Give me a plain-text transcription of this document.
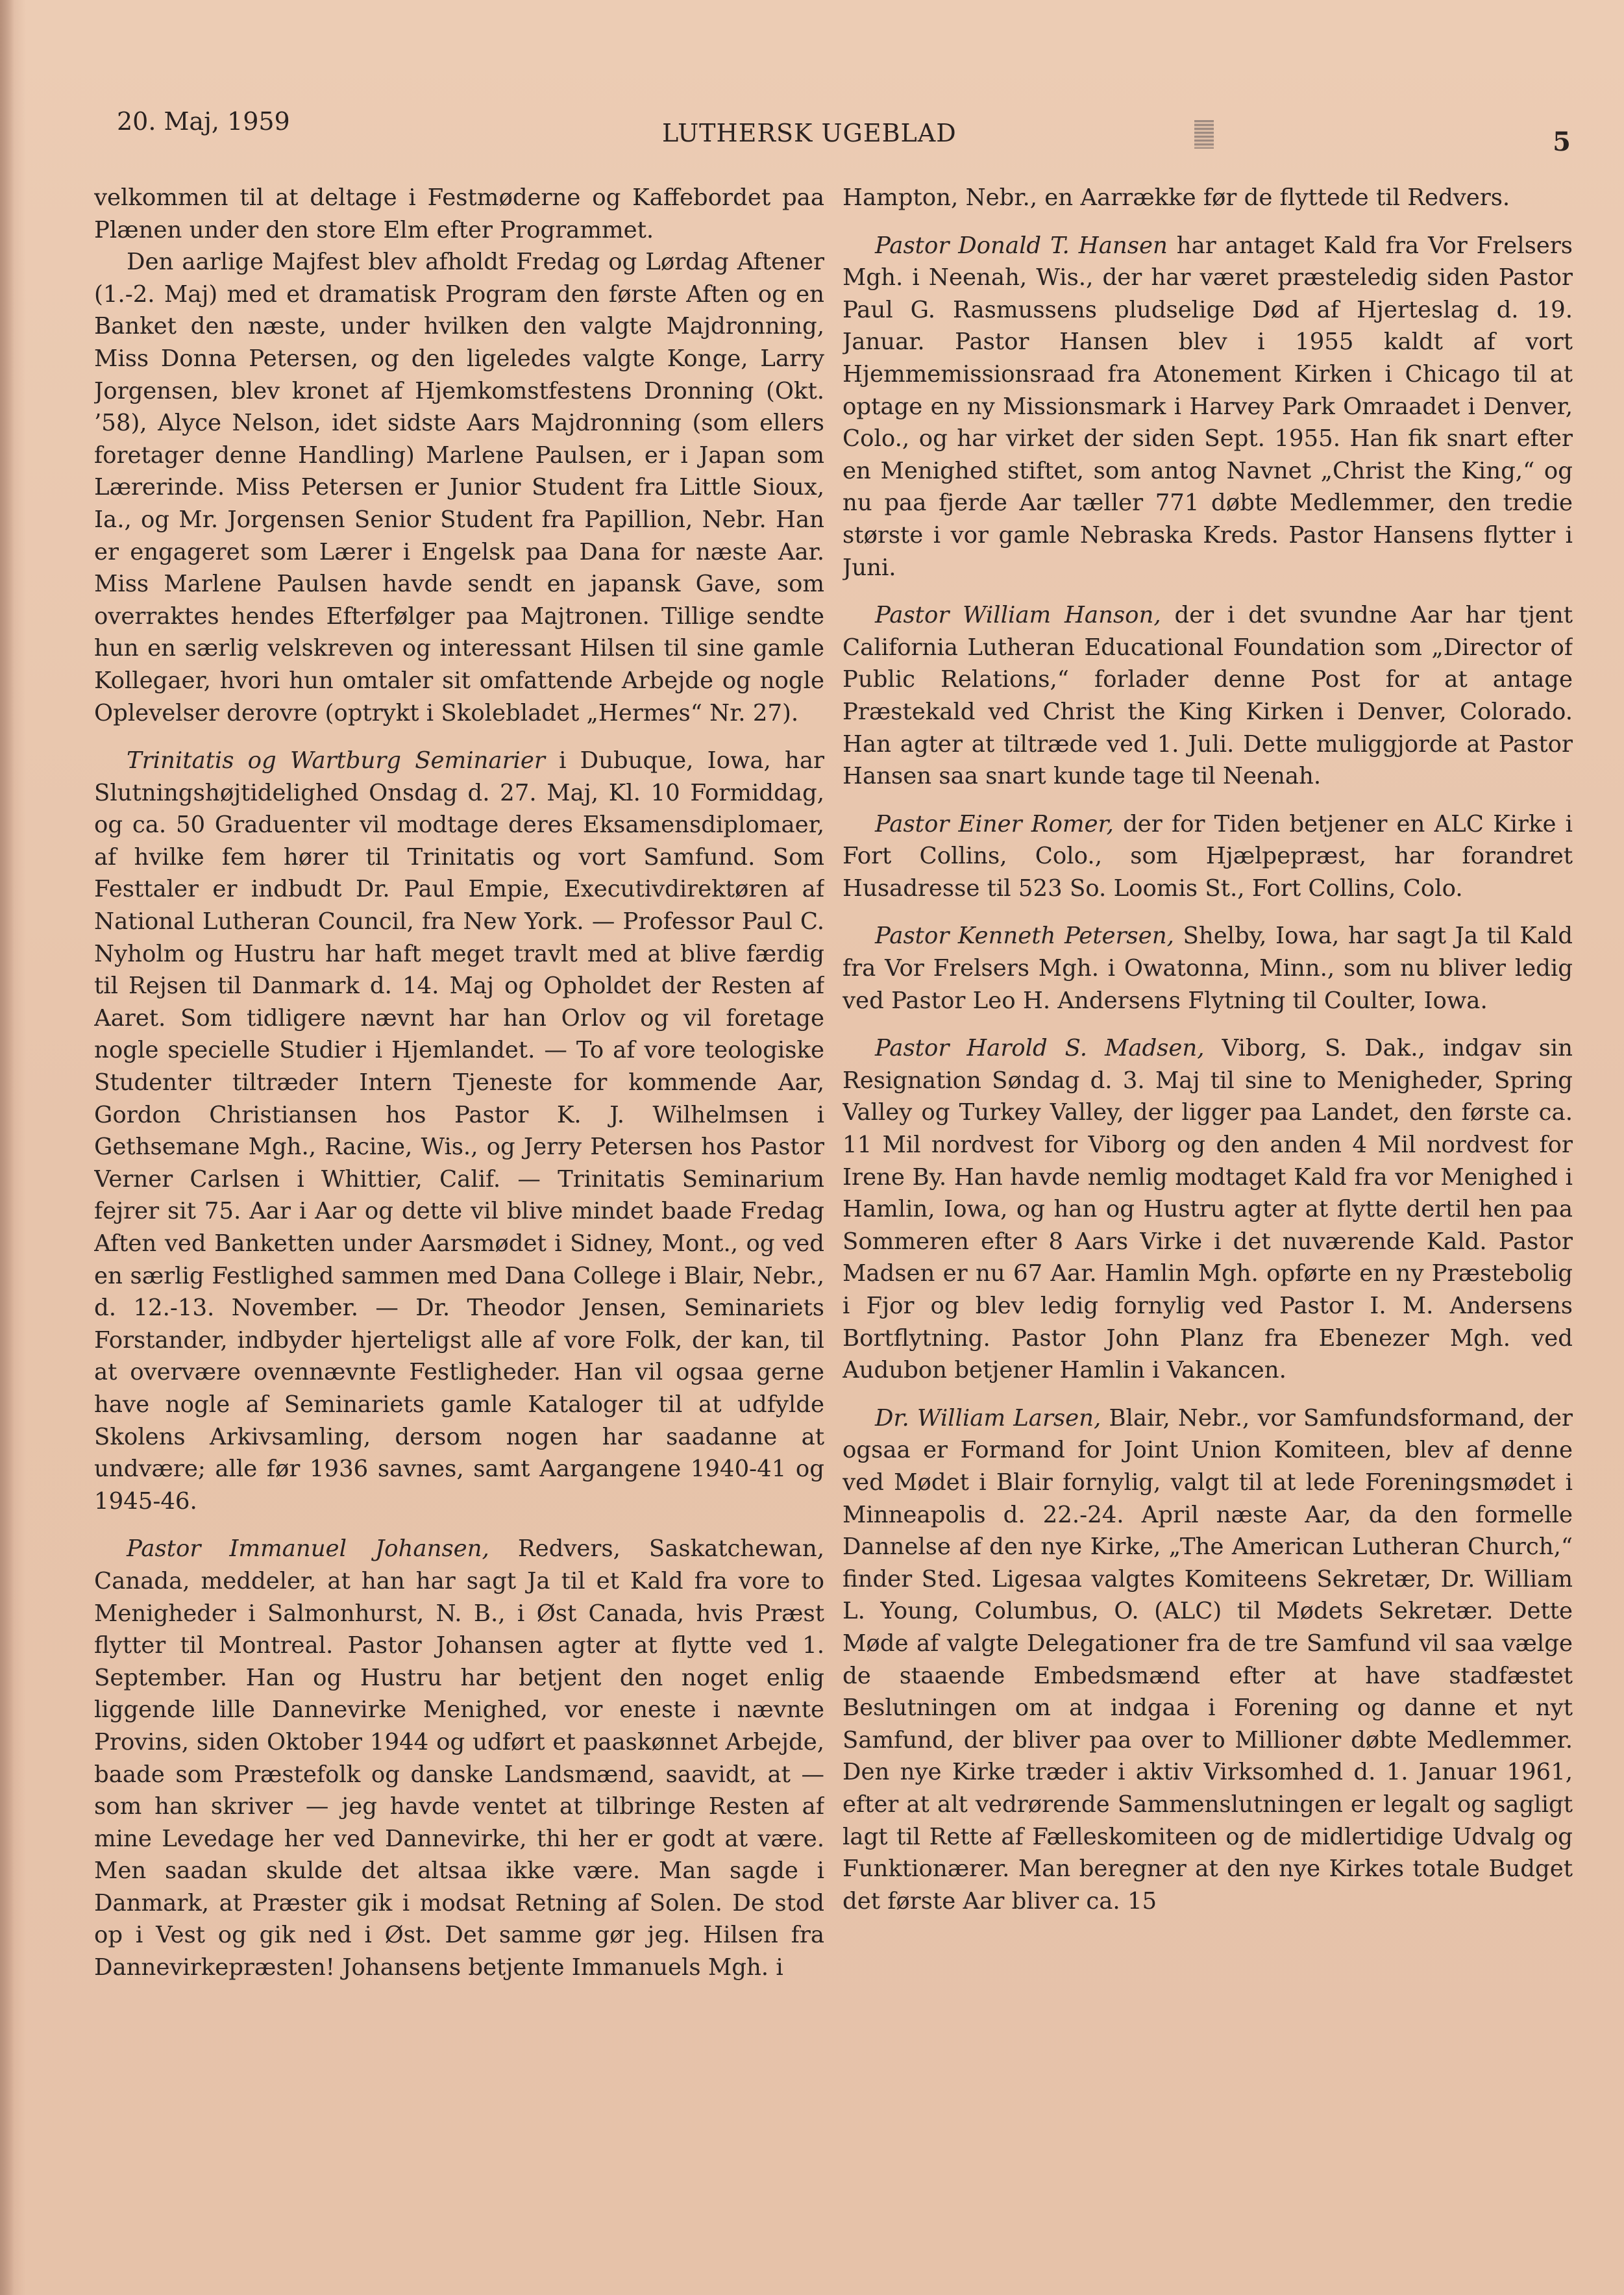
20. Maj, 1959	LUTHERSK UGEBLAD	5

velkommen til at deltage i Festmøderne og Kaffebordet paa Plænen under den store Elm efter Programmet.

Den aarlige Majfest blev afholdt Fredag og Lørdag Aftener (1.-2. Maj) med et dramatisk Program den første Aften og en Banket den næste, under hvilken den valgte Majdronning, Miss Donna Petersen, og den ligeledes valgte Konge, Larry Jorgensen, blev kronet af Hjemkomstfestens Dronning (Okt. ’58), Alyce Nelson, idet sidste Aars Majdronning (som ellers foretager denne Handling) Marlene Paulsen, er i Japan som Lærerinde. Miss Petersen er Junior Student fra Little Sioux, Ia., og Mr. Jorgensen Senior Student fra Papillion, Nebr. Han er engageret som Lærer i Engelsk paa Dana for næste Aar. Miss Marlene Paulsen havde sendt en japansk Gave, som overraktes hendes Efterfølger paa Majtronen. Tillige sendte hun en særlig velskreven og interessant Hilsen til sine gamle Kollegaer, hvori hun omtaler sit omfattende Arbejde og nogle Oplevelser derovre (optrykt i Skolebladet „Hermes“ Nr. 27).

Trinitatis og Wartburg Seminarier i Dubuque, Iowa, har Slutningshøjtidelighed Onsdag d. 27. Maj, Kl. 10 Formiddag, og ca. 50 Graduenter vil modtage deres Eksamensdiplomaer, af hvilke fem hører til Trinitatis og vort Samfund. Som Festtaler er indbudt Dr. Paul Empie, Executivdirektøren af National Lutheran Council, fra New York. — Professor Paul C. Nyholm og Hustru har haft meget travlt med at blive færdig til Rejsen til Danmark d. 14. Maj og Opholdet der Resten af Aaret. Som tidligere nævnt har han Orlov og vil foretage nogle specielle Studier i Hjemlandet. — To af vore teologiske Studenter tiltræder Intern Tjeneste for kommende Aar, Gordon Christiansen hos Pastor K. J. Wilhelmsen i Gethsemane Mgh., Racine, Wis., og Jerry Petersen hos Pastor Verner Carlsen i Whittier, Calif. — Trinitatis Seminarium fejrer sit 75. Aar i Aar og dette vil blive mindet baade Fredag Aften ved Banketten under Aarsmødet i Sidney, Mont., og ved en særlig Festlighed sammen med Dana College i Blair, Nebr., d. 12.-13. November. — Dr. Theodor Jensen, Seminariets Forstander, indbyder hjerteligst alle af vore Folk, der kan, til at overvære ovennævnte Festligheder. Han vil ogsaa gerne have nogle af Seminariets gamle Kataloger til at udfylde Skolens Arkivsamling, dersom nogen har saadanne at undvære; alle før 1936 savnes, samt Aargangene 1940-41 og 1945-46.

Pastor Immanuel Johansen, Redvers, Saskatchewan, Canada, meddeler, at han har sagt Ja til et Kald fra vore to Menigheder i Salmonhurst, N. B., i Øst Canada, hvis Præst flytter til Montreal. Pastor Johansen agter at flytte ved 1. September. Han og Hustru har betjent den noget enlig liggende lille Dannevirke Menighed, vor eneste i nævnte Provins, siden Oktober 1944 og udført et paaskønnet Arbejde, baade som Præstefolk og danske Landsmænd, saavidt, at — som han skriver — jeg havde ventet at tilbringe Resten af mine Levedage her ved Dannevirke, thi her er godt at være. Men saadan skulde det altsaa ikke være. Man sagde i Danmark, at Præster gik i modsat Retning af Solen. De stod op i Vest og gik ned i Øst. Det samme gør jeg. Hilsen fra Dannevirkepræsten! Johansens betjente Immanuels Mgh. i

Hampton, Nebr., en Aarrække før de flyttede til Redvers.

Pastor Donald T. Hansen har antaget Kald fra Vor Frelsers Mgh. i Neenah, Wis., der har været præsteledig siden Pastor Paul G. Rasmussens pludselige Død af Hjerteslag d. 19. Januar. Pastor Hansen blev i 1955 kaldt af vort Hjemmemissionsraad fra Atonement Kirken i Chicago til at optage en ny Missionsmark i Harvey Park Omraadet i Denver, Colo., og har virket der siden Sept. 1955. Han fik snart efter en Menighed stiftet, som antog Navnet „Christ the King,“ og nu paa fjerde Aar tæller 771 døbte Medlemmer, den tredie største i vor gamle Nebraska Kreds. Pastor Hansens flytter i Juni.

Pastor William Hanson, der i det svundne Aar har tjent California Lutheran Educational Foundation som „Director of Public Relations,“ forlader denne Post for at antage Præstekald ved Christ the King Kirken i Denver, Colorado. Han agter at tiltræde ved 1. Juli. Dette muliggjorde at Pastor Hansen saa snart kunde tage til Neenah.

Pastor Einer Romer, der for Tiden betjener en ALC Kirke i Fort Collins, Colo., som Hjælpepræst, har forandret Husadresse til 523 So. Loomis St., Fort Collins, Colo.

Pastor Kenneth Petersen, Shelby, Iowa, har sagt Ja til Kald fra Vor Frelsers Mgh. i Owatonna, Minn., som nu bliver ledig ved Pastor Leo H. Andersens Flytning til Coulter, Iowa.

Pastor Harold S. Madsen, Viborg, S. Dak., indgav sin Resignation Søndag d. 3. Maj til sine to Menigheder, Spring Valley og Turkey Valley, der ligger paa Landet, den første ca. 11 Mil nordvest for Viborg og den anden 4 Mil nordvest for Irene By. Han havde nemlig modtaget Kald fra vor Menighed i Hamlin, Iowa, og han og Hustru agter at flytte dertil hen paa Sommeren efter 8 Aars Virke i det nuværende Kald. Pastor Madsen er nu 67 Aar. Hamlin Mgh. opførte en ny Præstebolig i Fjor og blev ledig fornylig ved Pastor I. M. Andersens Bortflytning. Pastor John Planz fra Ebenezer Mgh. ved Audubon betjener Hamlin i Vakancen.

Dr. William Larsen, Blair, Nebr., vor Samfundsformand, der ogsaa er Formand for Joint Union Komiteen, blev af denne ved Mødet i Blair fornylig, valgt til at lede Foreningsmødet i Minneapolis d. 22.-24. April næste Aar, da den formelle Dannelse af den nye Kirke, „The American Lutheran Church,“ finder Sted. Ligesaa valgtes Komiteens Sekretær, Dr. William L. Young, Columbus, O. (ALC) til Mødets Sekretær. Dette Møde af valgte Delegationer fra de tre Samfund vil saa vælge de staaende Embedsmænd efter at have stadfæstet Beslutningen om at indgaa i Forening og danne et nyt Samfund, der bliver paa over to Millioner døbte Medlemmer. Den nye Kirke træder i aktiv Virksomhed d. 1. Januar 1961, efter at alt vedrørende Sammenslutningen er legalt og sagligt lagt til Rette af Fælleskomiteen og de midlertidige Udvalg og Funktionærer. Man beregner at den nye Kirkes totale Budget det første Aar bliver ca. 15
